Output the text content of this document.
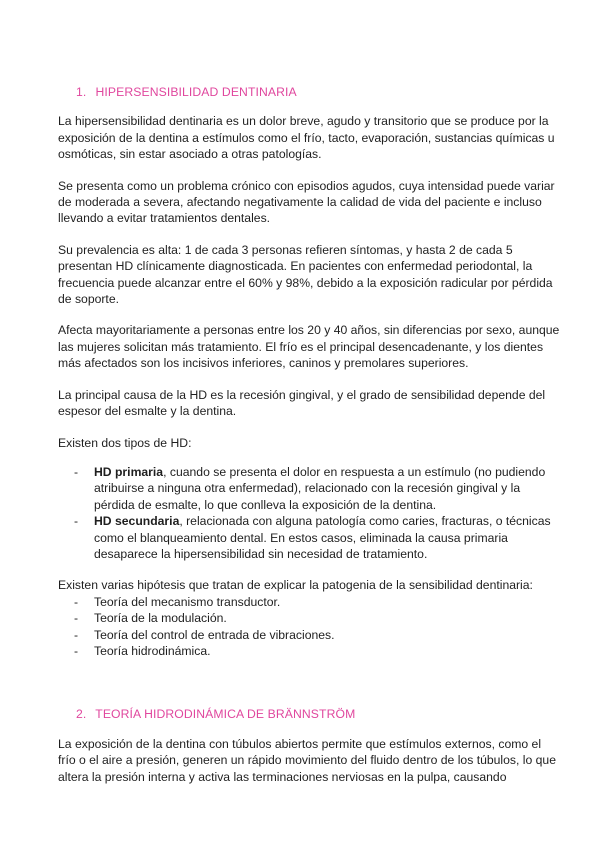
1. HIPERSENSIBILIDAD DENTINARIA

La hipersensibilidad dentinaria es un dolor breve, agudo y transitorio que se produce por la exposición de la dentina a estímulos como el frío, tacto, evaporación, sustancias químicas u osmóticas, sin estar asociado a otras patologías.

Se presenta como un problema crónico con episodios agudos, cuya intensidad puede variar de moderada a severa, afectando negativamente la calidad de vida del paciente e incluso llevando a evitar tratamientos dentales.

Su prevalencia es alta: 1 de cada 3 personas refieren síntomas, y hasta 2 de cada 5 presentan HD clínicamente diagnosticada. En pacientes con enfermedad periodontal, la frecuencia puede alcanzar entre el 60% y 98%, debido a la exposición radicular por pérdida de soporte.

Afecta mayoritariamente a personas entre los 20 y 40 años, sin diferencias por sexo, aunque las mujeres solicitan más tratamiento. El frío es el principal desencadenante, y los dientes más afectados son los incisivos inferiores, caninos y premolares superiores.

La principal causa de la HD es la recesión gingival, y el grado de sensibilidad depende del espesor del esmalte y la dentina.

Existen dos tipos de HD:

- HD primaria, cuando se presenta el dolor en respuesta a un estímulo (no pudiendo atribuirse a ninguna otra enfermedad), relacionado con la recesión gingival y la pérdida de esmalte, lo que conlleva la exposición de la dentina.
- HD secundaria, relacionada con alguna patología como caries, fracturas, o técnicas como el blanqueamiento dental. En estos casos, eliminada la causa primaria desaparece la hipersensibilidad sin necesidad de tratamiento.

Existen varias hipótesis que tratan de explicar la patogenia de la sensibilidad dentinaria:

- Teoría del mecanismo transductor.
- Teoría de la modulación.
- Teoría del control de entrada de vibraciones.
- Teoría hidrodinámica.
2. TEORÍA HIDRODINÁMICA DE BRÄNNSTRÖM

La exposición de la dentina con túbulos abiertos permite que estímulos externos, como el frío o el aire a presión, generen un rápido movimiento del fluido dentro de los túbulos, lo que altera la presión interna y activa las terminaciones nerviosas en la pulpa, causando
